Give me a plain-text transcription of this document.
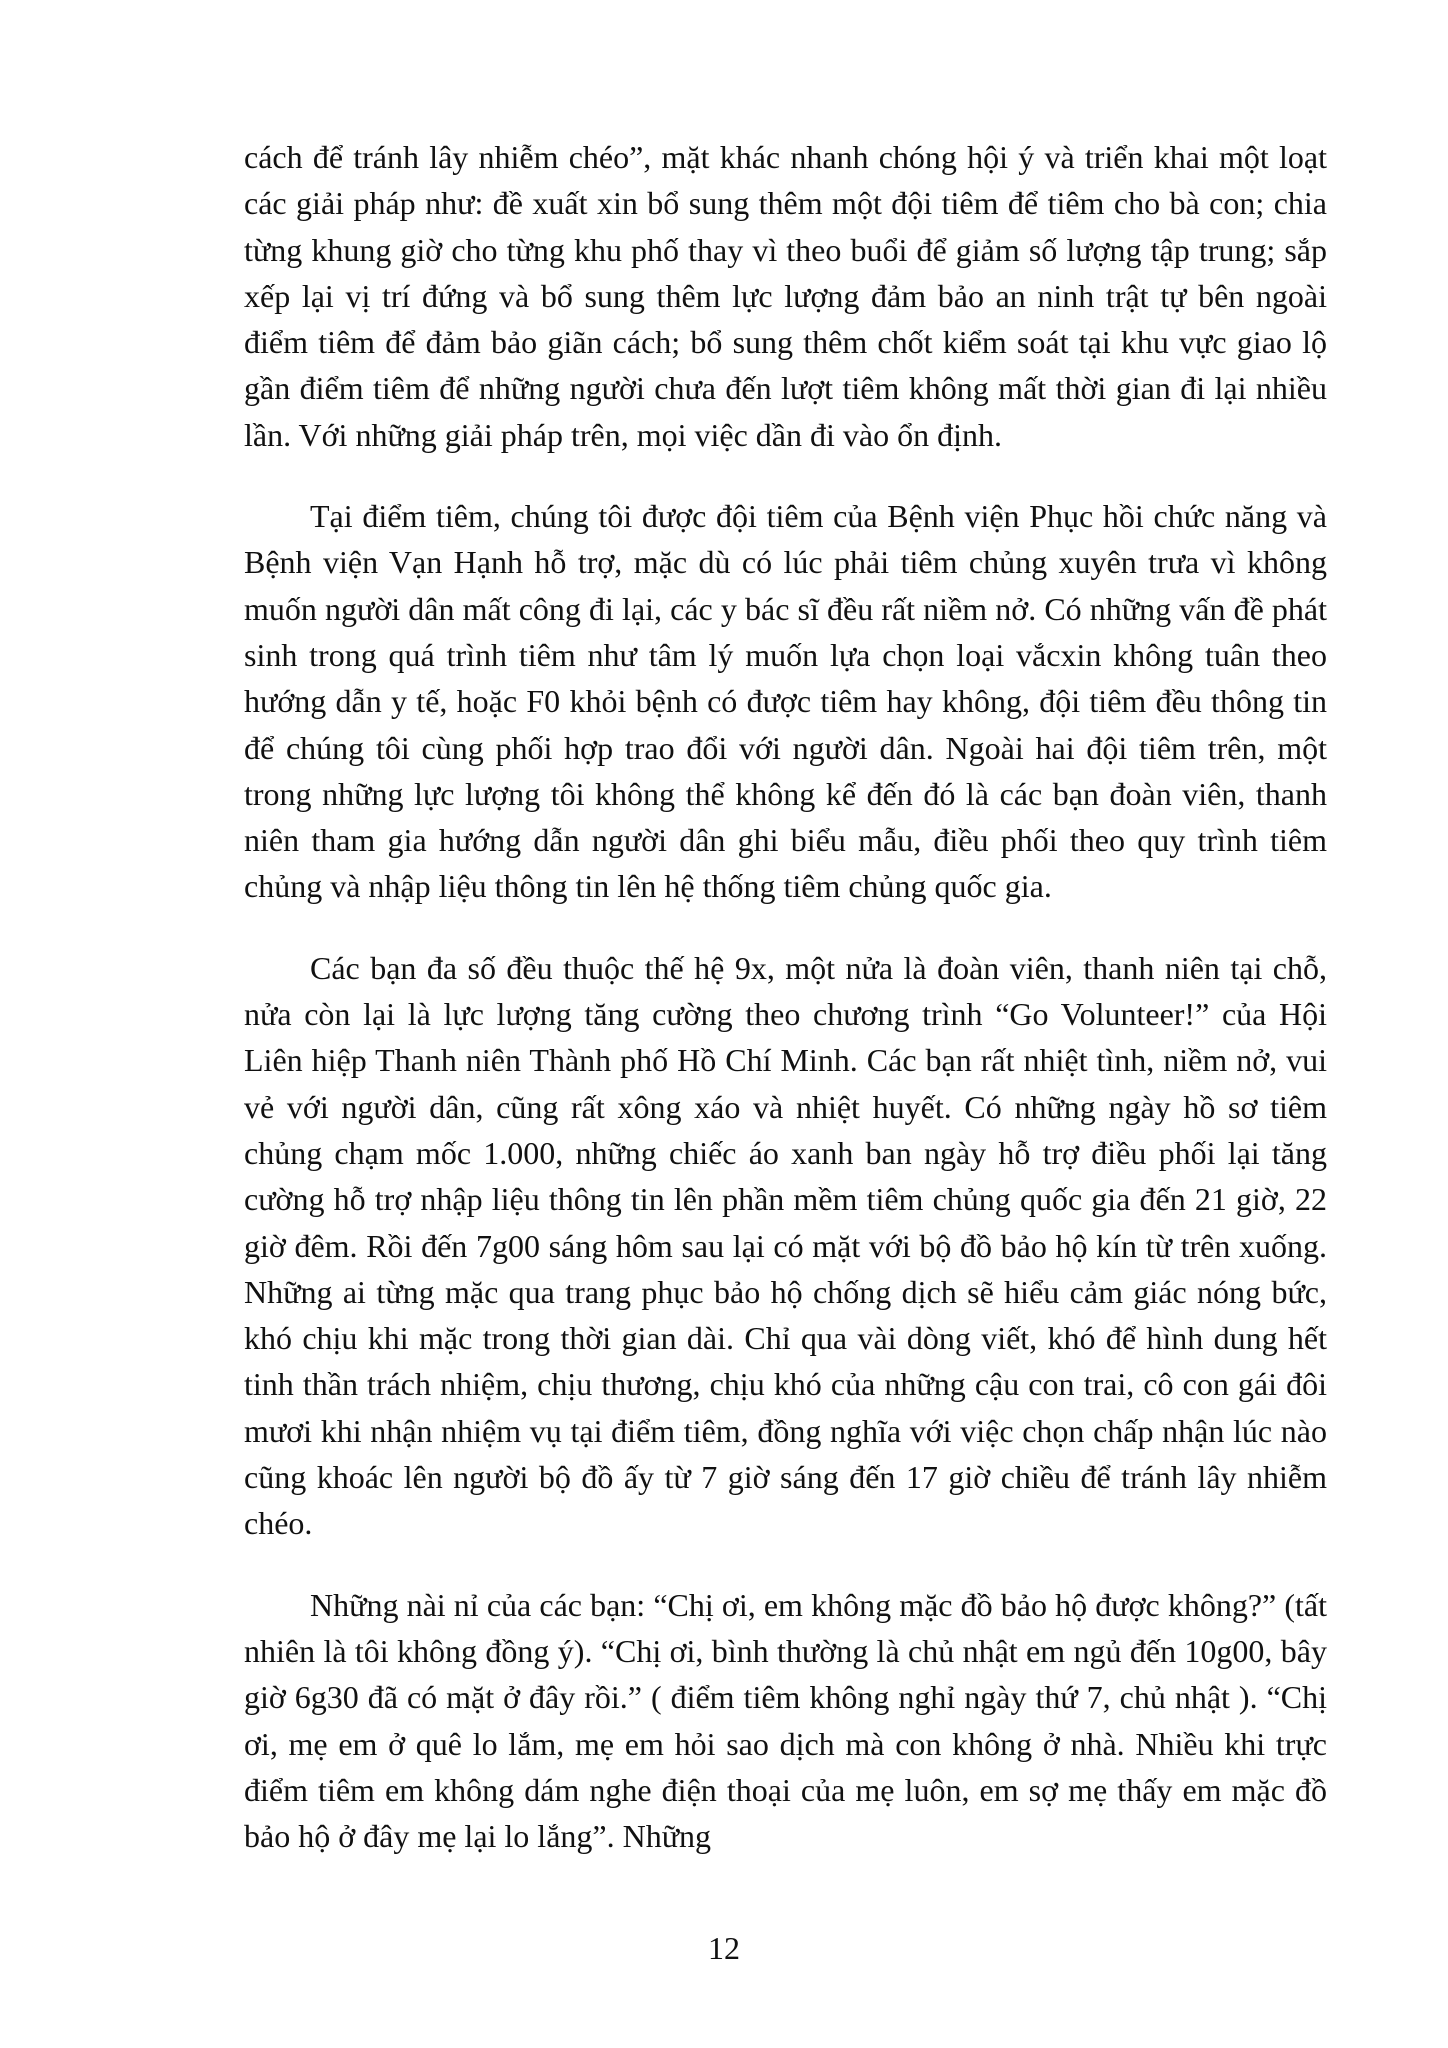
cách để tránh lây nhiễm chéo”, mặt khác nhanh chóng hội ý và triển khai một loạt các giải pháp như: đề xuất xin bổ sung thêm một đội tiêm để tiêm cho bà con; chia từng khung giờ cho từng khu phố thay vì theo buổi để giảm số lượng tập trung; sắp xếp lại vị trí đứng và bổ sung thêm lực lượng đảm bảo an ninh trật tự bên ngoài điểm tiêm để đảm bảo giãn cách; bổ sung thêm chốt kiểm soát tại khu vực giao lộ gần điểm tiêm để những người chưa đến lượt tiêm không mất thời gian đi lại nhiều lần. Với những giải pháp trên, mọi việc dần đi vào ổn định.

Tại điểm tiêm, chúng tôi được đội tiêm của Bệnh viện Phục hồi chức năng và Bệnh viện Vạn Hạnh hỗ trợ, mặc dù có lúc phải tiêm chủng xuyên trưa vì không muốn người dân mất công đi lại, các y bác sĩ đều rất niềm nở. Có những vấn đề phát sinh trong quá trình tiêm như tâm lý muốn lựa chọn loại vắcxin không tuân theo hướng dẫn y tế, hoặc F0 khỏi bệnh có được tiêm hay không, đội tiêm đều thông tin để chúng tôi cùng phối hợp trao đổi với người dân. Ngoài hai đội tiêm trên, một trong những lực lượng tôi không thể không kể đến đó là các bạn đoàn viên, thanh niên tham gia hướng dẫn người dân ghi biểu mẫu, điều phối theo quy trình tiêm chủng và nhập liệu thông tin lên hệ thống tiêm chủng quốc gia.

Các bạn đa số đều thuộc thế hệ 9x, một nửa là đoàn viên, thanh niên tại chỗ, nửa còn lại là lực lượng tăng cường theo chương trình “Go Volunteer!” của Hội Liên hiệp Thanh niên Thành phố Hồ Chí Minh. Các bạn rất nhiệt tình, niềm nở, vui vẻ với người dân, cũng rất xông xáo và nhiệt huyết. Có những ngày hồ sơ tiêm chủng chạm mốc 1.000, những chiếc áo xanh ban ngày hỗ trợ điều phối lại tăng cường hỗ trợ nhập liệu thông tin lên phần mềm tiêm chủng quốc gia đến 21 giờ, 22 giờ đêm. Rồi đến 7g00 sáng hôm sau lại có mặt với bộ đồ bảo hộ kín từ trên xuống. Những ai từng mặc qua trang phục bảo hộ chống dịch sẽ hiểu cảm giác nóng bức, khó chịu khi mặc trong thời gian dài. Chỉ qua vài dòng viết, khó để hình dung hết tinh thần trách nhiệm, chịu thương, chịu khó của những cậu con trai, cô con gái đôi mươi khi nhận nhiệm vụ tại điểm tiêm, đồng nghĩa với việc chọn chấp nhận lúc nào cũng khoác lên người bộ đồ ấy từ 7 giờ sáng đến 17 giờ chiều để tránh lây nhiễm chéo.

Những nài nỉ của các bạn: “Chị ơi, em không mặc đồ bảo hộ được không?” (tất nhiên là tôi không đồng ý). “Chị ơi, bình thường là chủ nhật em ngủ đến 10g00, bây giờ 6g30 đã có mặt ở đây rồi.” ( điểm tiêm không nghỉ ngày thứ 7, chủ nhật ). “Chị ơi, mẹ em ở quê lo lắm, mẹ em hỏi sao dịch mà con không ở nhà. Nhiều khi trực điểm tiêm em không dám nghe điện thoại của mẹ luôn, em sợ mẹ thấy em mặc đồ bảo hộ ở đây mẹ lại lo lắng”. Những

12
